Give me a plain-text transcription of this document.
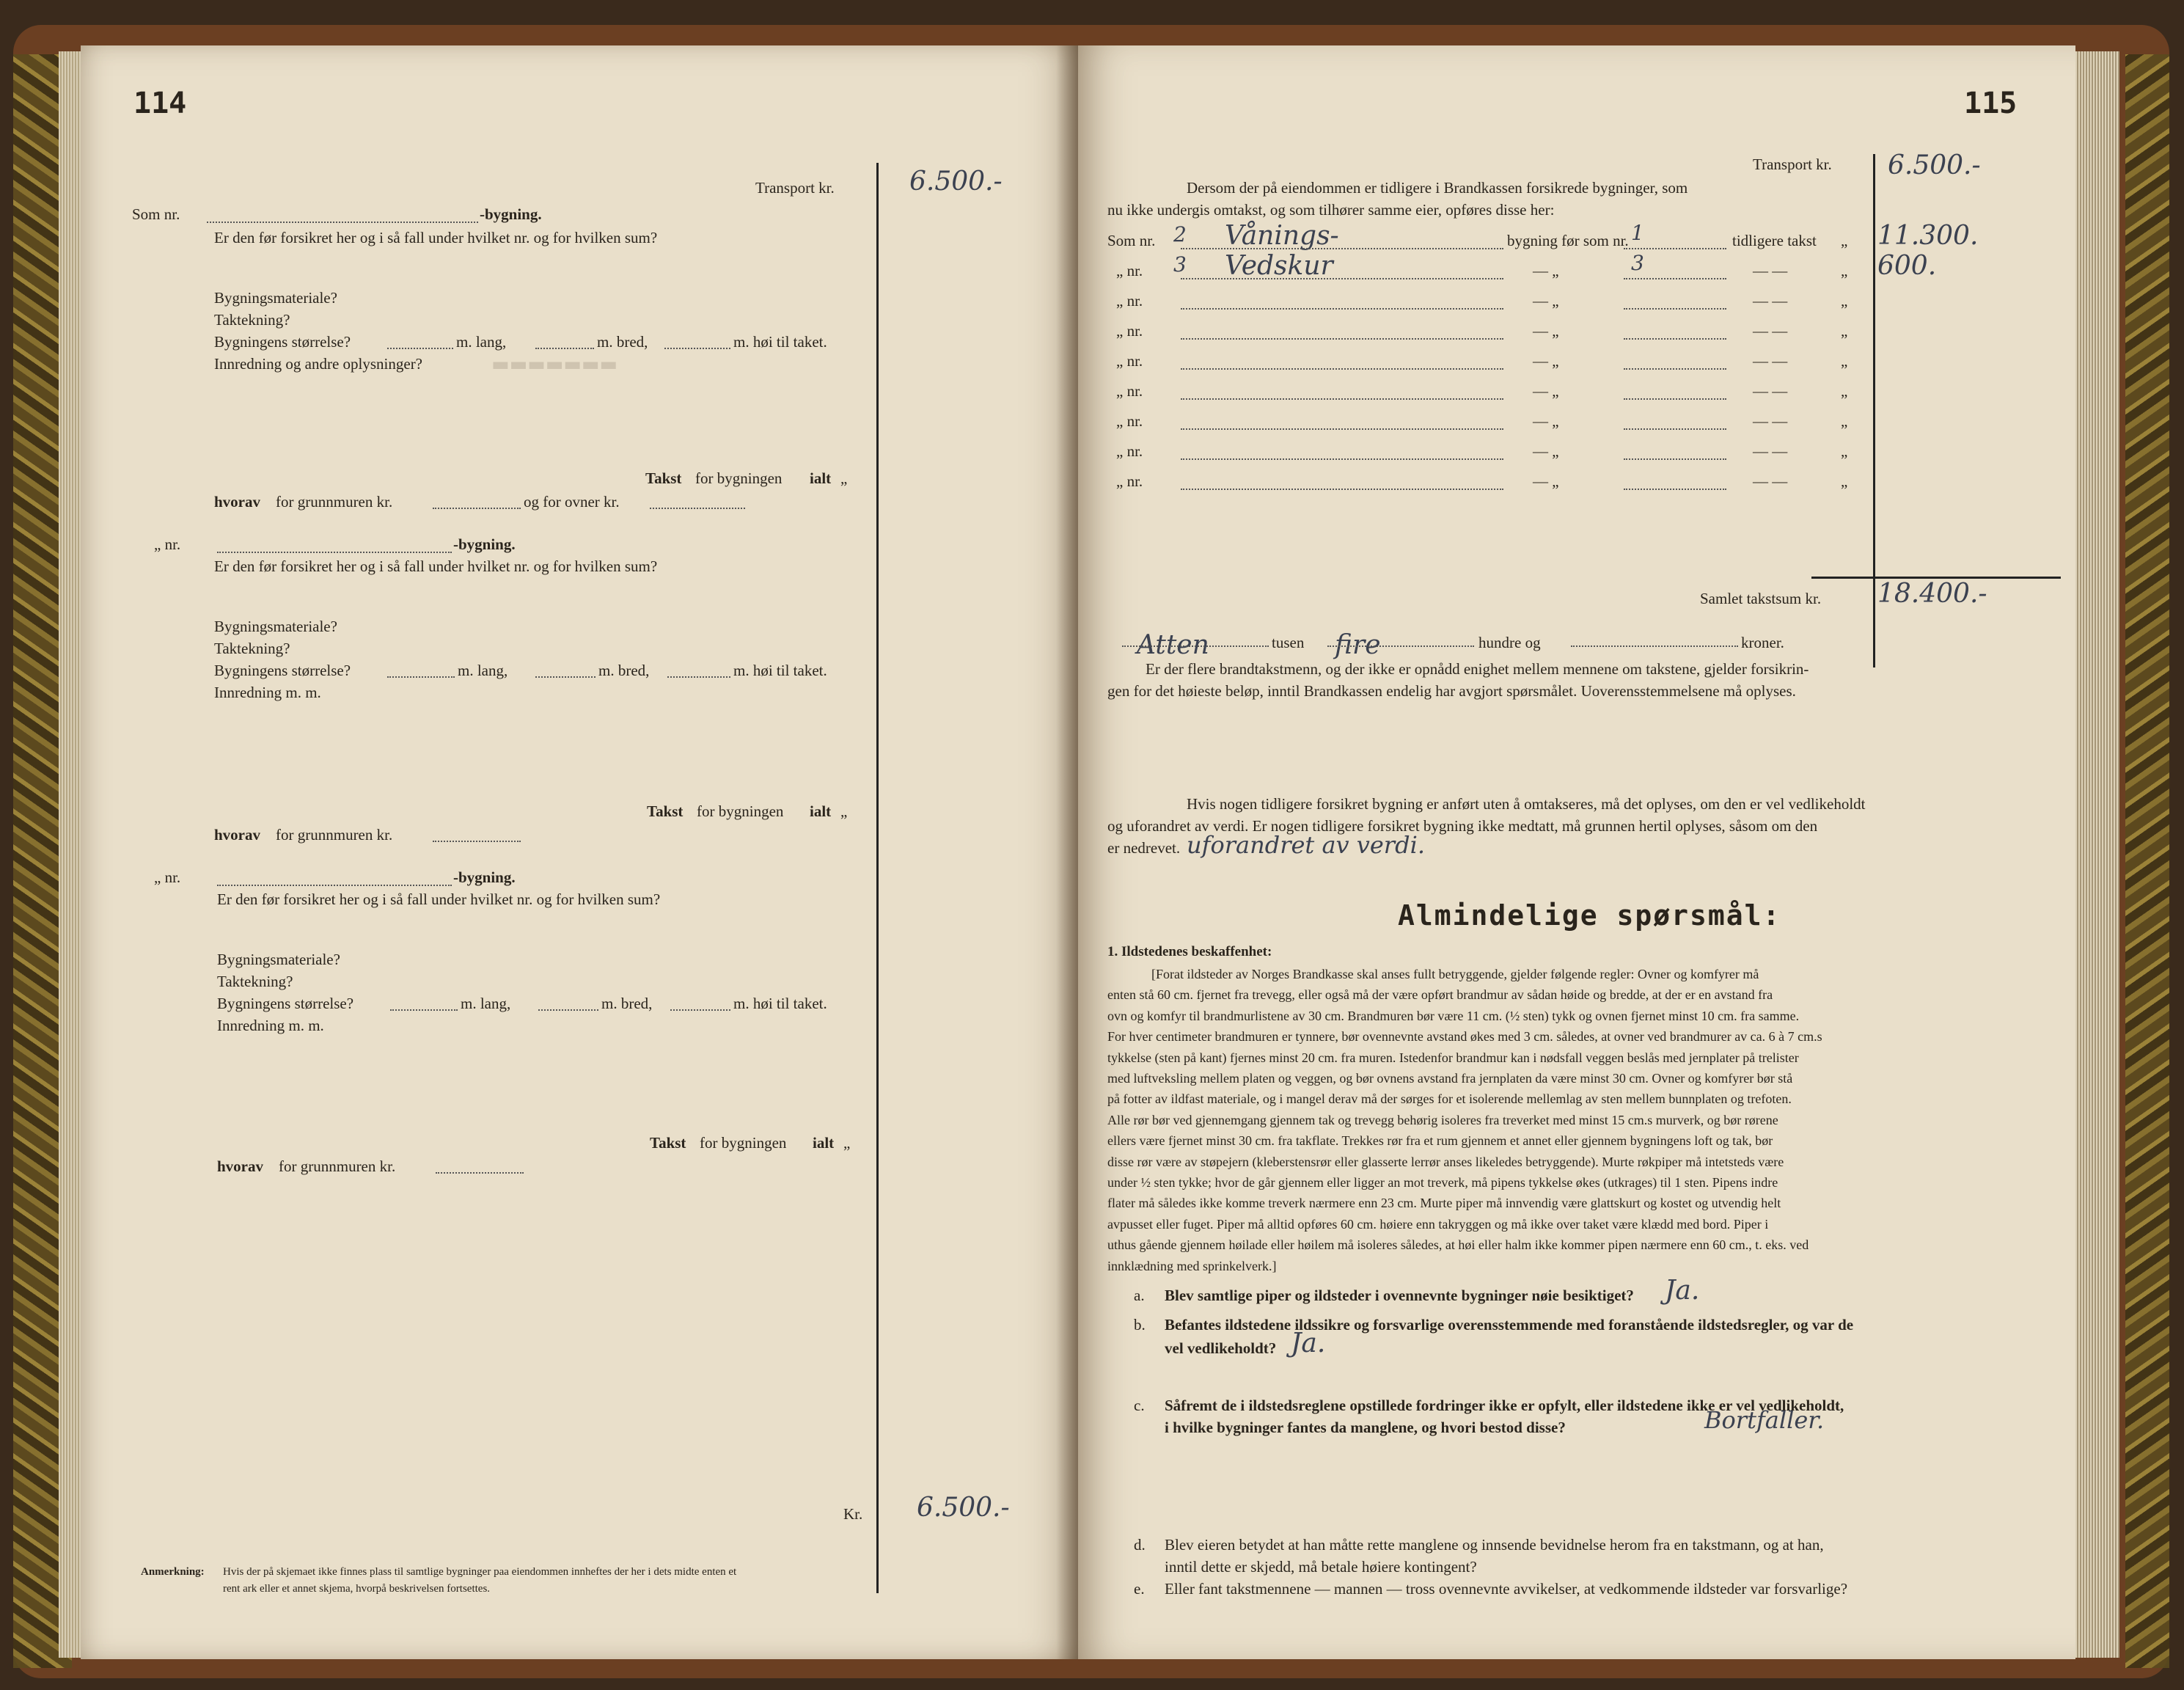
▬▬▬▬▬▬▬
114
Transport kr.	6.500.-
Som nr.	-bygning.
Er den før forsikret her og i så fall under hvilket nr. og for hvilken sum?
Bygningsmateriale?
Taktekning?
Bygningens størrelse?	m. lang,	m. bred,	m. høi til taket.
Innredning og andre oplysninger?
Takst for bygningen ialt „
hvorav for grunnmuren kr.	og for ovner kr.
„ nr.	-bygning.
Er den før forsikret her og i så fall under hvilket nr. og for hvilken sum?
Bygningsmateriale?
Taktekning?
Bygningens størrelse?	m. lang,	m. bred,	m. høi til taket.
Innredning m. m.
Takst for bygningen ialt „
hvorav for grunnmuren kr.
„ nr.	-bygning.
Er den før forsikret her og i så fall under hvilket nr. og for hvilken sum?
Bygningsmateriale?
Taktekning?
Bygningens størrelse?	m. lang,	m. bred,	m. høi til taket.
Innredning m. m.
Takst for bygningen ialt „
hvorav for grunnmuren kr.
Kr. 6.500.-
Anmerkning: Hvis der på skjemaet ikke finnes plass til samtlige bygninger paa eiendommen innheftes der her i dets midte enten et
rent ark eller et annet skjema, hvorpå beskrivelsen fortsettes.
115
Transport kr. 6.500.-
Dersom der på eiendommen er tidligere i Brandkassen forsikrede bygninger, som
nu ikke undergis omtakst, og som tilhører samme eier, opføres disse her:
Som nr. 2 Vånings-	bygning før som nr. 1	tidligere takst „ 11.300.
„ nr. 3 Vedskur	— „	3	— —	„ 600.
„ nr.	— „	— —	„
„ nr.	— „	— —	„
„ nr.	— „	— —	„
„ nr.	— „	— —	„
„ nr.	— „	— —	„
„ nr.	— „	— —	„
„ nr.	— „	— —	„
Samlet takstsum kr. 18.400.-
Atten	tusen fire	hundre og	kroner.
Er der flere brandtakstmenn, og der ikke er opnådd enighet mellem mennene om takstene, gjelder forsikrin-
gen for det høieste beløp, inntil Brandkassen endelig har avgjort spørsmålet. Uoverensstemmelsene må oplyses.
Hvis nogen tidligere forsikret bygning er anført uten å omtakseres, må det oplyses, om den er vel vedlikeholdt
og uforandret av verdi. Er nogen tidligere forsikret bygning ikke medtatt, må grunnen hertil oplyses, såsom om den
er nedrevet. uforandret av verdi.
Almindelige spørsmål:
1. Ildstedenes beskaffenhet:
[Forat ildsteder av Norges Brandkasse skal anses fullt betryggende, gjelder følgende regler: Ovner og komfyrer må
enten stå 60 cm. fjernet fra trevegg, eller også må der være opført brandmur av sådan høide og bredde, at der er en avstand fra
ovn og komfyr til brandmurlistene av 30 cm. Brandmuren bør være 11 cm. (½ sten) tykk og ovnen fjernet minst 10 cm. fra samme.
For hver centimeter brandmuren er tynnere, bør ovennevnte avstand økes med 3 cm. således, at ovner ved brandmurer av ca. 6 à 7 cm.s
tykkelse (sten på kant) fjernes minst 20 cm. fra muren. Istedenfor brandmur kan i nødsfall veggen beslås med jernplater på trelister
med luftveksling mellem platen og veggen, og bør ovnens avstand fra jernplaten da være minst 30 cm. Ovner og komfyrer bør stå
på fotter av ildfast materiale, og i mangel derav må der sørges for et isolerende mellemlag av sten mellem bunnplaten og trefoten.
Alle rør bør ved gjennemgang gjennem tak og trevegg behørig isoleres fra treverket med minst 15 cm.s murverk, og bør rørene
ellers være fjernet minst 30 cm. fra takflate. Trekkes rør fra et rum gjennem et annet eller gjennem bygningens loft og tak, bør
disse rør være av støpejern (kleberstensrør eller glasserte lerrør anses likeledes betryggende). Murte røkpiper må intetsteds være
under ½ sten tykke; hvor de går gjennem eller ligger an mot treverk, må pipens tykkelse økes (utkrages) til 1 sten. Pipens indre
flater må således ikke komme treverk nærmere enn 23 cm. Murte piper må innvendig være glattskurt og kostet og utvendig helt
avpusset eller fuget. Piper må alltid opføres 60 cm. høiere enn takryggen og må ikke over taket være klædd med bord. Piper i
uthus gående gjennem høilade eller høilem må isoleres således, at høi eller halm ikke kommer pipen nærmere enn 60 cm., t. eks. ved
innklædning med sprinkelverk.]
a. Blev samtlige piper og ildsteder i ovennevnte bygninger nøie besiktiget? Ja.
b. Befantes ildstedene ildssikre og forsvarlige overensstemmende med foranstående ildstedsregler, og var de
vel vedlikeholdt? Ja.
c. Såfremt de i ildstedsreglene opstillede fordringer ikke er opfylt, eller ildstedene ikke er vel vedlikeholdt,
i hvilke bygninger fantes da manglene, og hvori bestod disse?	Bortfaller.
d. Blev eieren betydet at han måtte rette manglene og innsende bevidnelse herom fra en takstmann, og at han,
inntil dette er skjedd, må betale høiere kontingent?
e. Eller fant takstmennene — mannen — tross ovennevnte avvikelser, at vedkommende ildsteder var forsvarlige?
